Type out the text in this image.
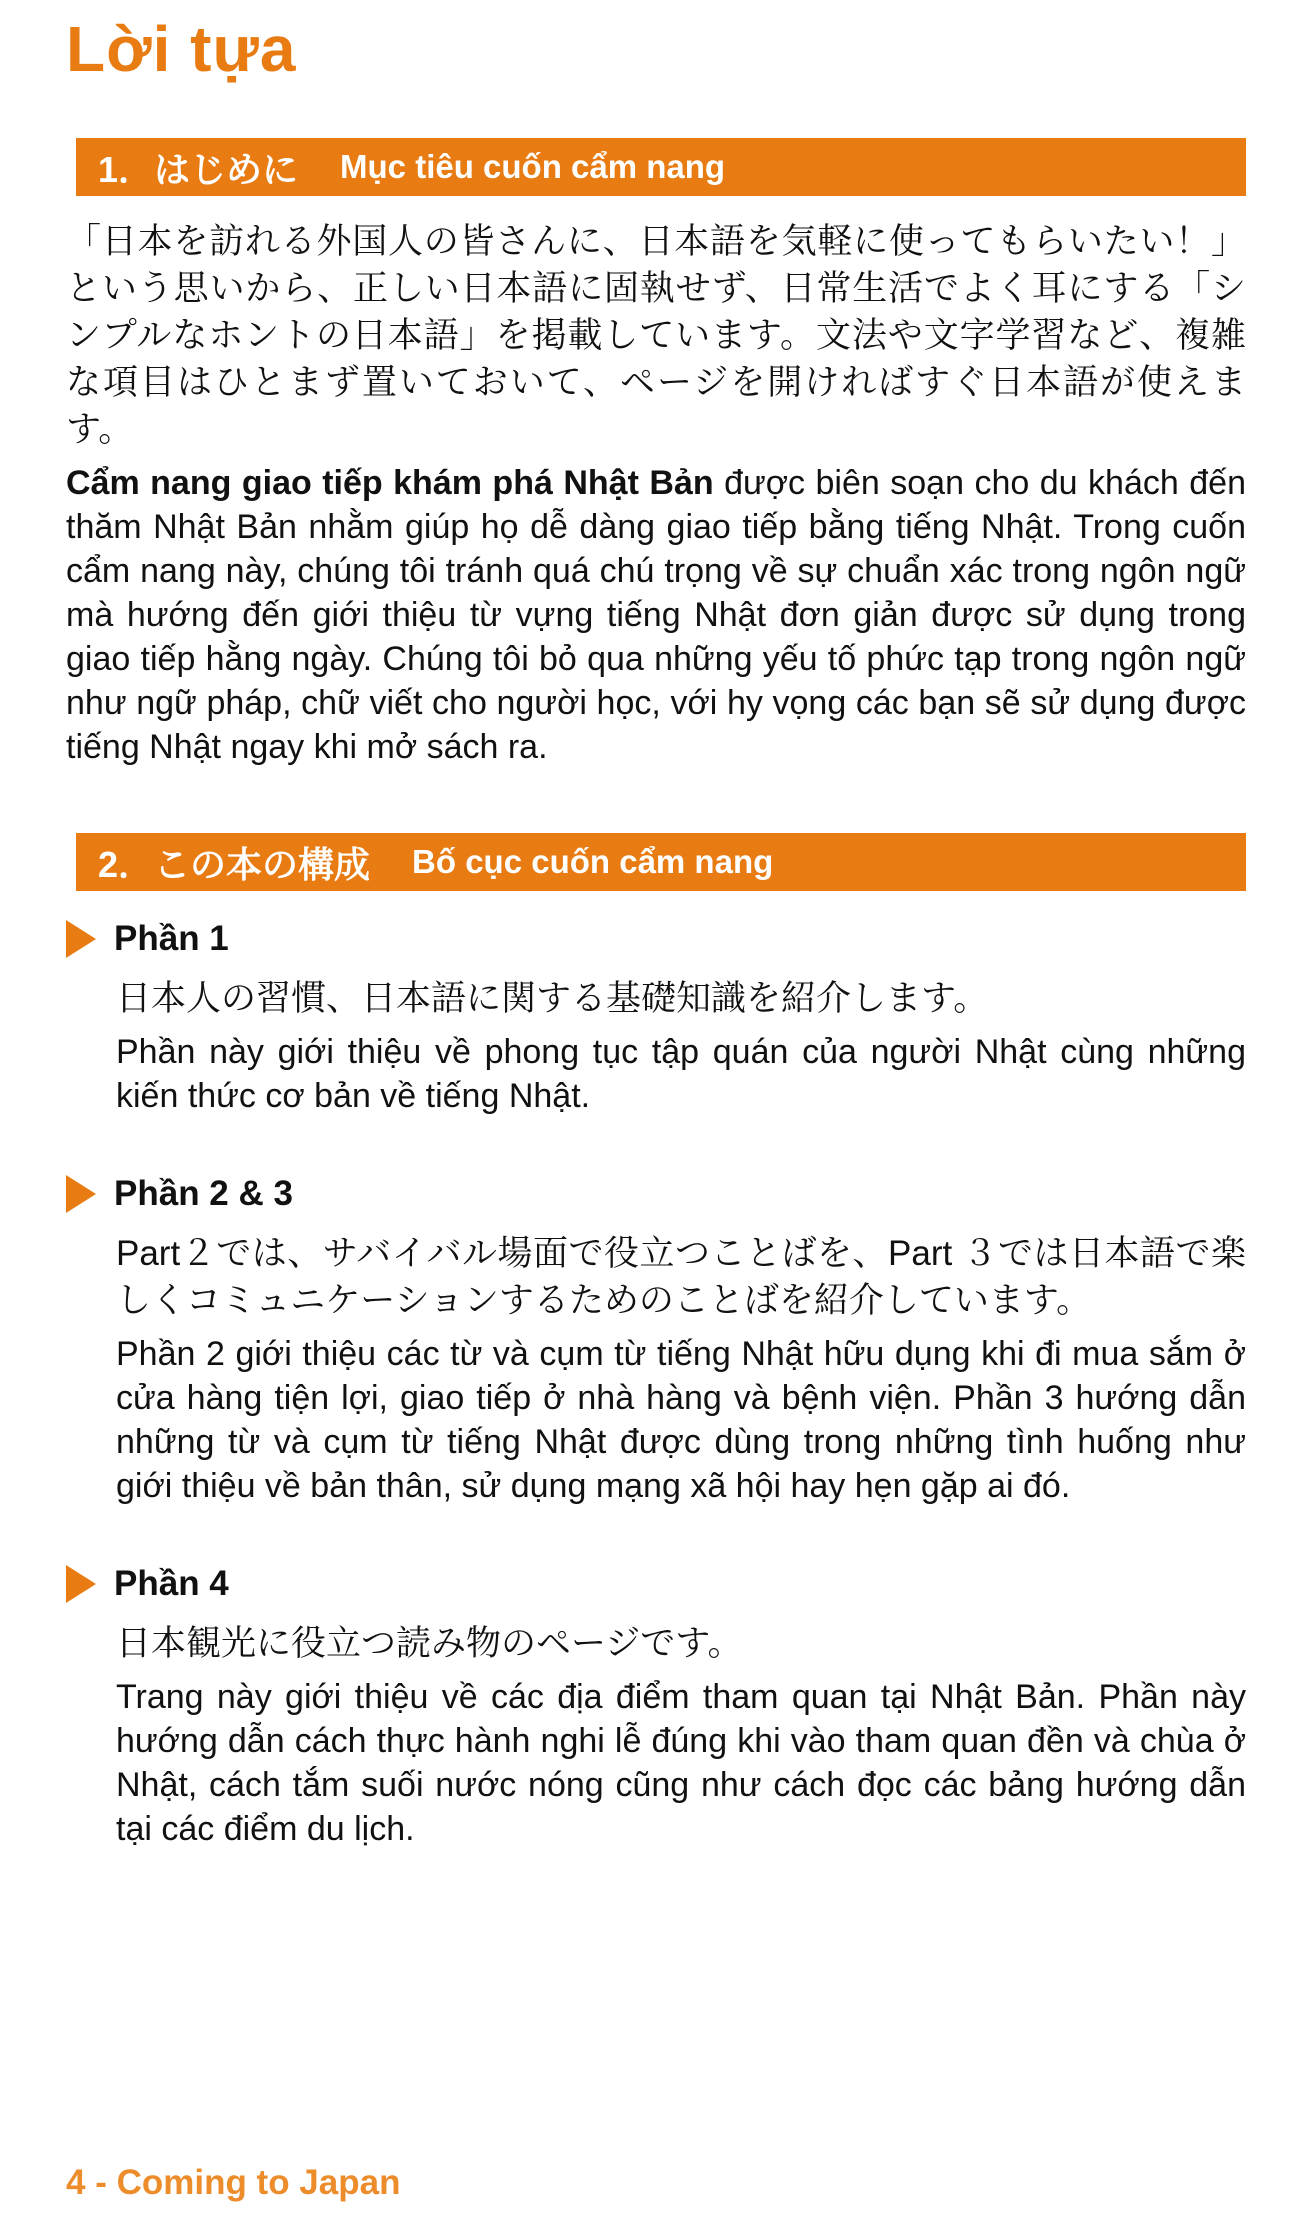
Lời tựa
1．はじめに Mục tiêu cuốn cẩm nang

「日本を訪れる外国人の皆さんに、日本語を気軽に使ってもらいたい！」という思いから、正しい日本語に固執せず、日常生活でよく耳にする「シンプルなホントの日本語」を掲載しています。文法や文字学習など、複雑な項目はひとまず置いておいて、ページを開ければすぐ日本語が使えます。

Cẩm nang giao tiếp khám phá Nhật Bản được biên soạn cho du khách đến thăm Nhật Bản nhằm giúp họ dễ dàng giao tiếp bằng tiếng Nhật. Trong cuốn cẩm nang này, chúng tôi tránh quá chú trọng về sự chuẩn xác trong ngôn ngữ mà hướng đến giới thiệu từ vựng tiếng Nhật đơn giản được sử dụng trong giao tiếp hằng ngày. Chúng tôi bỏ qua những yếu tố phức tạp trong ngôn ngữ như ngữ pháp, chữ viết cho người học, với hy vọng các bạn sẽ sử dụng được tiếng Nhật ngay khi mở sách ra.

2．この本の構成 Bố cục cuốn cẩm nang
Phần 1

日本人の習慣、日本語に関する基礎知識を紹介します。

Phần này giới thiệu về phong tục tập quán của người Nhật cùng những kiến thức cơ bản về tiếng Nhật.

Phần 2 & 3

Part２では、サバイバル場面で役立つことばを、Part ３では日本語で楽しくコミュニケーションするためのことばを紹介しています。

Phần 2 giới thiệu các từ và cụm từ tiếng Nhật hữu dụng khi đi mua sắm ở cửa hàng tiện lợi, giao tiếp ở nhà hàng và bệnh viện. Phần 3 hướng dẫn những từ và cụm từ tiếng Nhật được dùng trong những tình huống như giới thiệu về bản thân, sử dụng mạng xã hội hay hẹn gặp ai đó.

Phần 4

日本観光に役立つ読み物のページです。

Trang này giới thiệu về các địa điểm tham quan tại Nhật Bản. Phần này hướng dẫn cách thực hành nghi lễ đúng khi vào tham quan đền và chùa ở Nhật, cách tắm suối nước nóng cũng như cách đọc các bảng hướng dẫn tại các điểm du lịch.

4 - Coming to Japan
